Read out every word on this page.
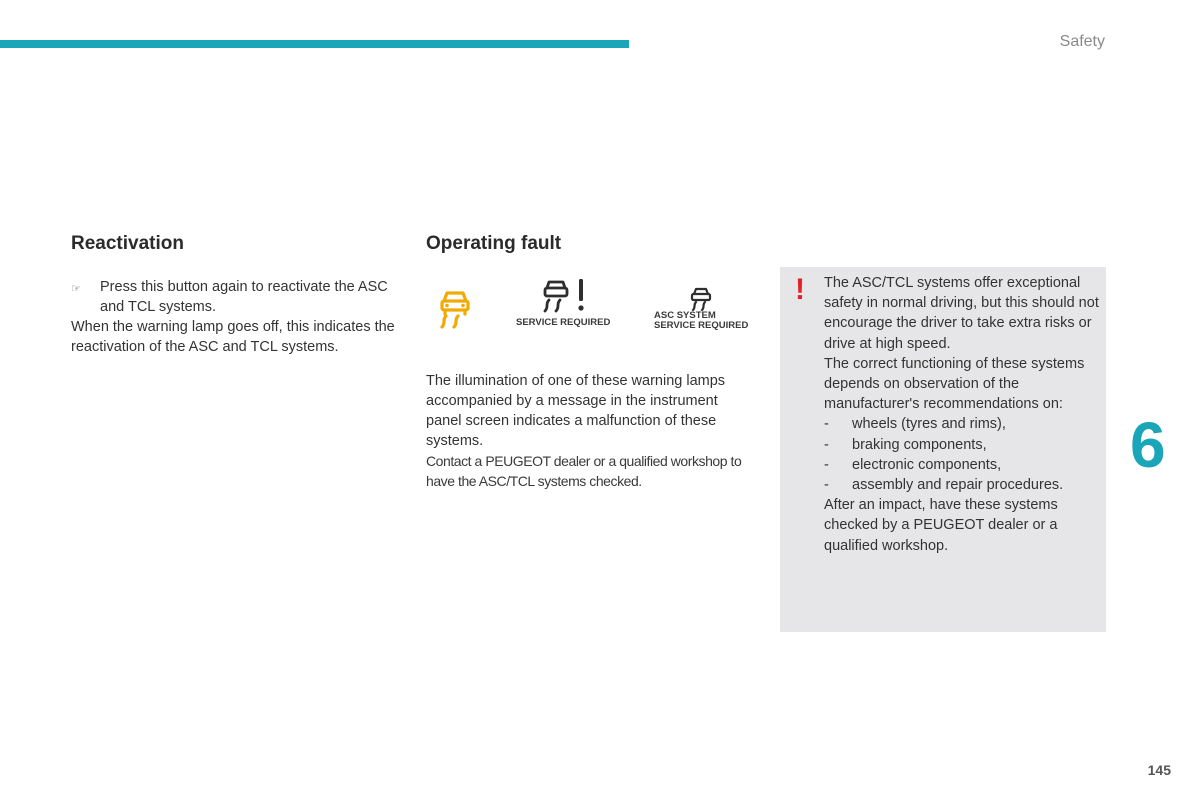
Safety
Reactivation
☞	Press this button again to reactivate the ASC and TCL systems.
When the warning lamp goes off, this indicates the reactivation of the ASC and TCL systems.
Operating fault
SERVICE REQUIRED
ASC SYSTEM
SERVICE REQUIRED
The illumination of one of these warning lamps accompanied by a message in the instrument panel screen indicates a malfunction of these systems.
Contact a PEUGEOT dealer or a qualified workshop to have the ASC/TCL systems checked.
! The ASC/TCL systems offer exceptional safety in normal driving, but this should not encourage the driver to take extra risks or drive at high speed.
The correct functioning of these systems depends on observation of the manufacturer's recommendations on:
-	wheels (tyres and rims),
-	braking components,
-	electronic components,
-	assembly and repair procedures.
After an impact, have these systems checked by a PEUGEOT dealer or a qualified workshop.
6
145
